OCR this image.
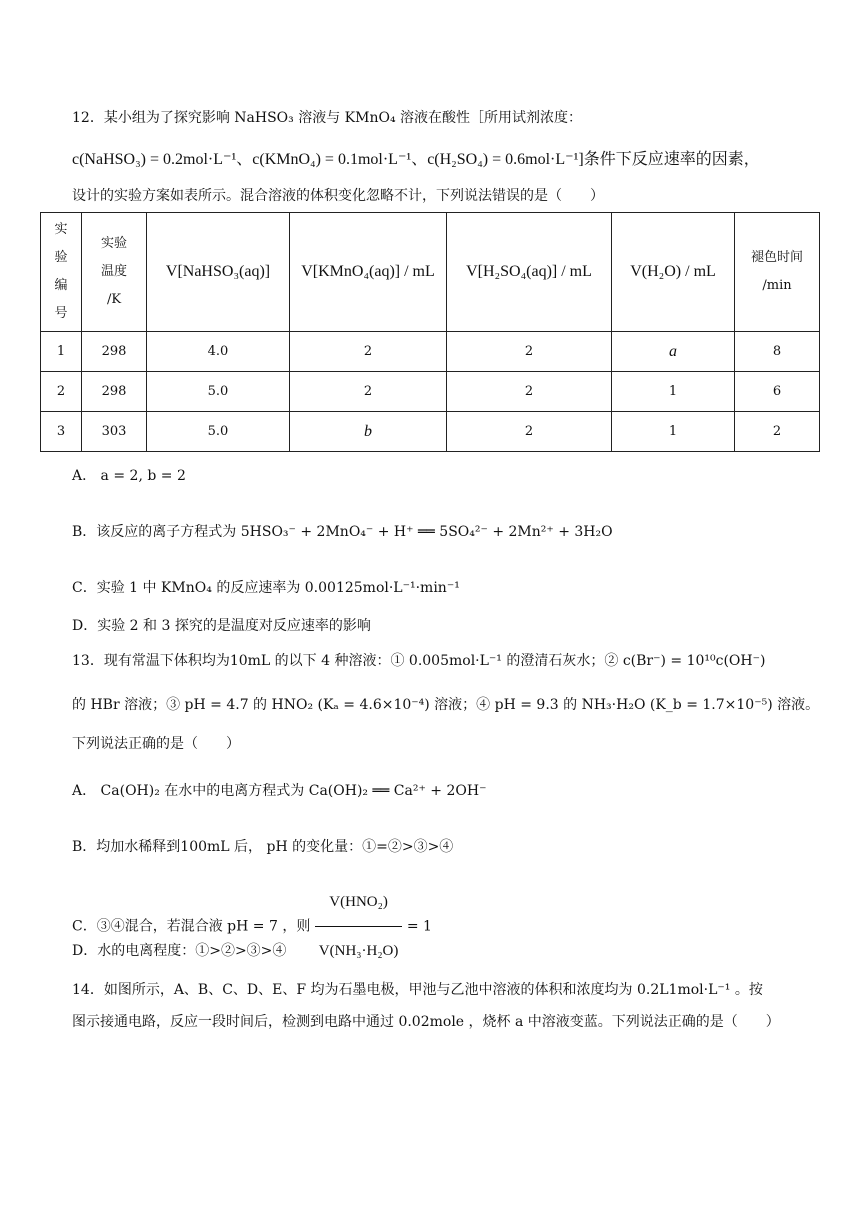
12．某小组为了探究影响 NaHSO₃ 溶液与 KMnO₄ 溶液在酸性［所用试剂浓度：
c(NaHSO₃) = 0.2mol·L⁻¹、c(KMnO₄) = 0.1mol·L⁻¹、c(H₂SO₄) = 0.6mol·L⁻¹]条件下反应速率的因素，
设计的实验方案如表所示。混合溶液的体积变化忽略不计，下列说法错误的是（　　）
实
验
编
号	实验
温度
/K	V[NaHSO₃(aq)]	V[KMnO₄(aq)] / mL	V[H₂SO₄(aq)] / mL	V(H₂O) / mL	褪色时间
/min
1	298	4.0	2	2	a	8
2	298	5.0	2	2	1	6
3	303	5.0	b	2	1	2
A． a = 2, b = 2
B．该反应的离子方程式为 5HSO₃⁻ + 2MnO₄⁻ + H⁺ ══ 5SO₄²⁻ + 2Mn²⁺ + 3H₂O
C．实验 1 中 KMnO₄ 的反应速率为 0.00125mol·L⁻¹·min⁻¹
D．实验 2 和 3 探究的是温度对反应速率的影响
13．现有常温下体积均为10mL 的以下 4 种溶液：① 0.005mol·L⁻¹ 的澄清石灰水；② c(Br⁻) = 10¹⁰c(OH⁻)
的 HBr 溶液；③ pH = 4.7 的 HNO₂ (Kₐ = 4.6×10⁻⁴) 溶液；④ pH = 9.3 的 NH₃·H₂O (K_b = 1.7×10⁻⁵) 溶液。
下列说法正确的是（　　）
A． Ca(OH)₂ 在水中的电离方程式为 Ca(OH)₂ ══ Ca²⁺ + 2OH⁻
B．均加水稀释到100mL 后， pH 的变化量：①=②>③>④
C．③④混合，若混合液 pH = 7 ，则 $\frac{\text{V(HNO₂)}}{\text{V(NH₃·H₂O)}} = 1$
D．水的电离程度：①>②>③>④
14．如图所示，A、B、C、D、E、F 均为石墨电极，甲池与乙池中溶液的体积和浓度均为 0.2L1mol·L⁻¹ 。按
图示接通电路，反应一段时间后，检测到电路中通过 0.02mole ，烧杯 a 中溶液变蓝。下列说法正确的是（　　）
